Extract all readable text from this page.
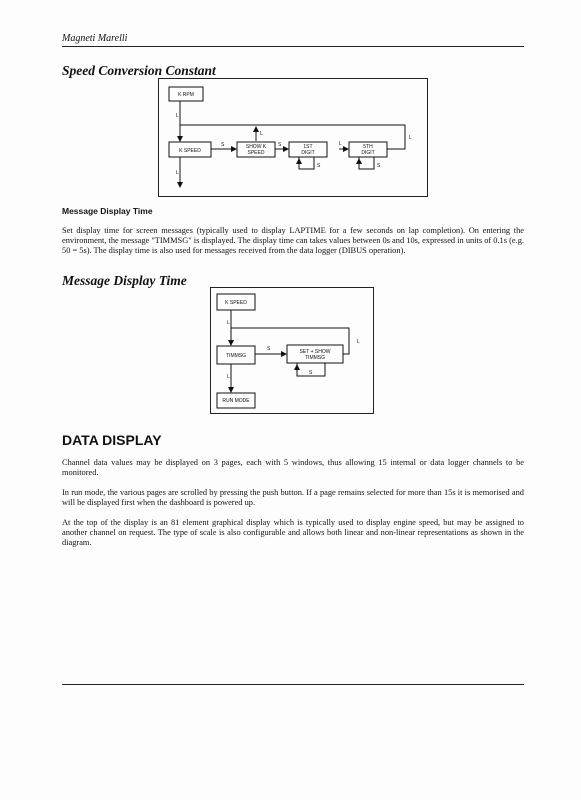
Magneti Marelli
Speed Conversion Constant
K RPM
K SPEED
SHOW K
SPEED
1ST
DIGIT
5TH
DIGIT
L
L
L
L
L
S	S
S	S
Message Display Time
Set display time for screen messages (typically used to display LAPTIME for a few seconds on lap completion). On entering the environment, the message "TIMMSG" is displayed. The display time can takes values between 0s and 10s, expressed in units of 0.1s (e.g. 50 = 5s). The display time is also used for messages received from the data logger (DIBUS operation).
Message Display Time
K SPEED
TIMMSG
SET + SHOW
TIMMSG
RUN MODE
L
L
L
S
S
DATA DISPLAY
Channel data values may be displayed on 3 pages, each with 5 windows, thus allowing 15 internal or data logger channels to be monitored.
In run mode, the various pages are scrolled by pressing the push button. If a page remains selected for more than 15s it is memorised and will be displayed first when the dashboard is powered up.
At the top of the display is an 81 element graphical display which is typically used to display engine speed, but may be assigned to another channel on request. The type of scale is also configurable and allows both linear and non-linear representations as shown in the diagram.
